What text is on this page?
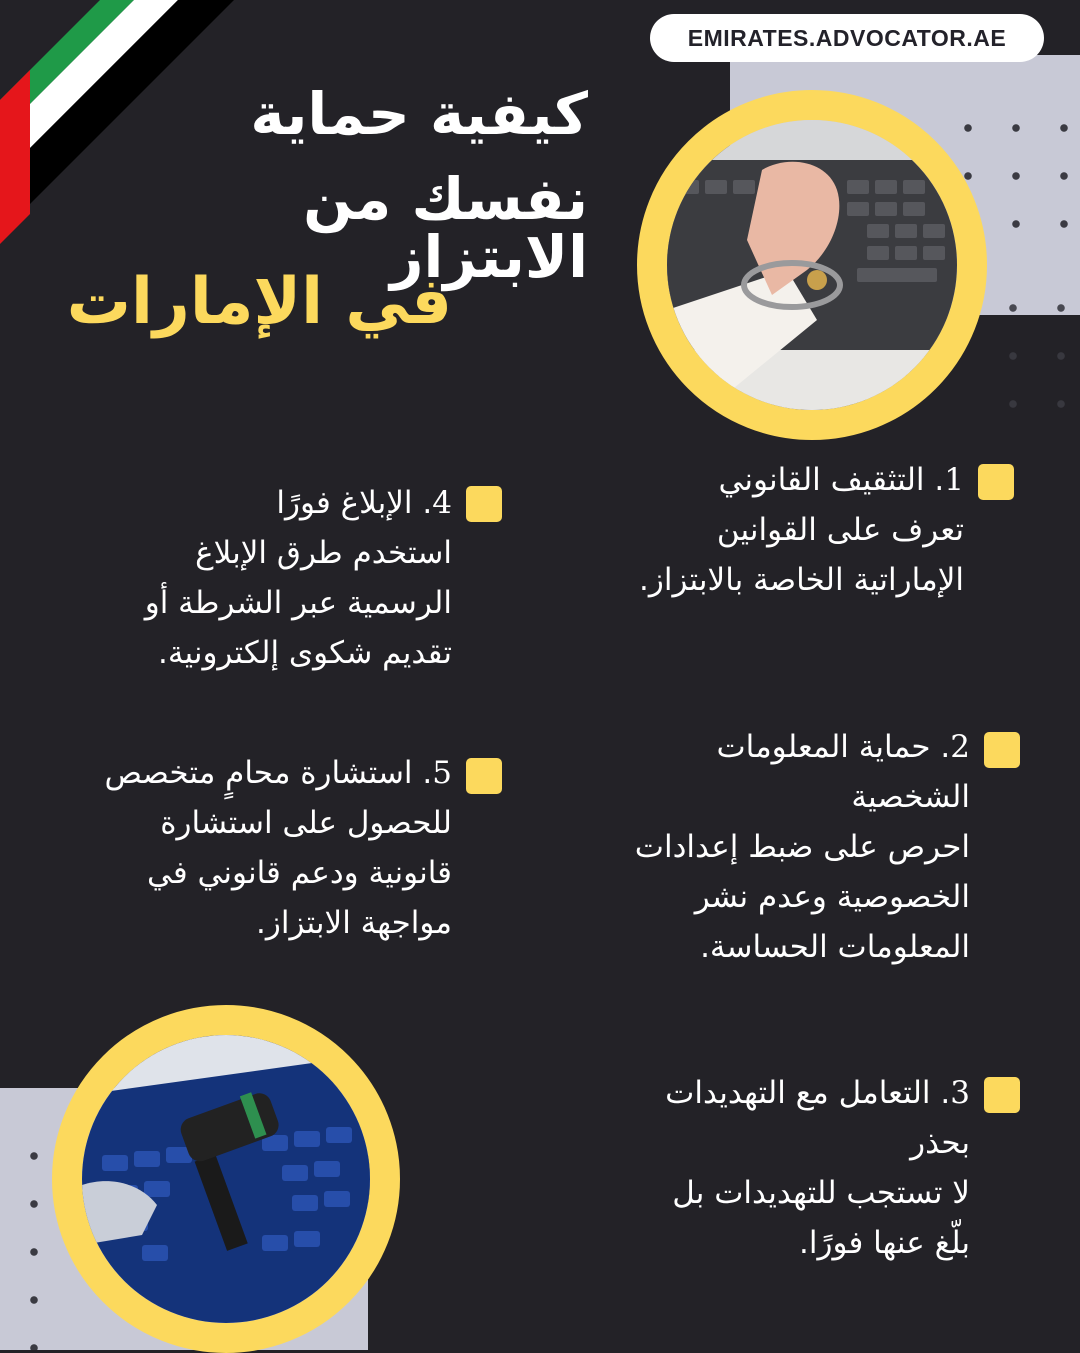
EMIRATES.ADVOCATOR.AE
كيفية حماية
نفسك من الابتزاز
في الإمارات
1. التثقيف القانوني
تعرف على القوانين
الإماراتية الخاصة بالابتزاز.
2. حماية المعلومات
الشخصية
احرص على ضبط إعدادات
الخصوصية وعدم نشر
المعلومات الحساسة.
3. التعامل مع التهديدات
بحذر
لا تستجب للتهديدات بل
بلّغ عنها فورًا.
4. الإبلاغ فورًا
استخدم طرق الإبلاغ
الرسمية عبر الشرطة أو
تقديم شكوى إلكترونية.
5. استشارة محامٍ متخصص
للحصول على استشارة
قانونية ودعم قانوني في
مواجهة الابتزاز.
